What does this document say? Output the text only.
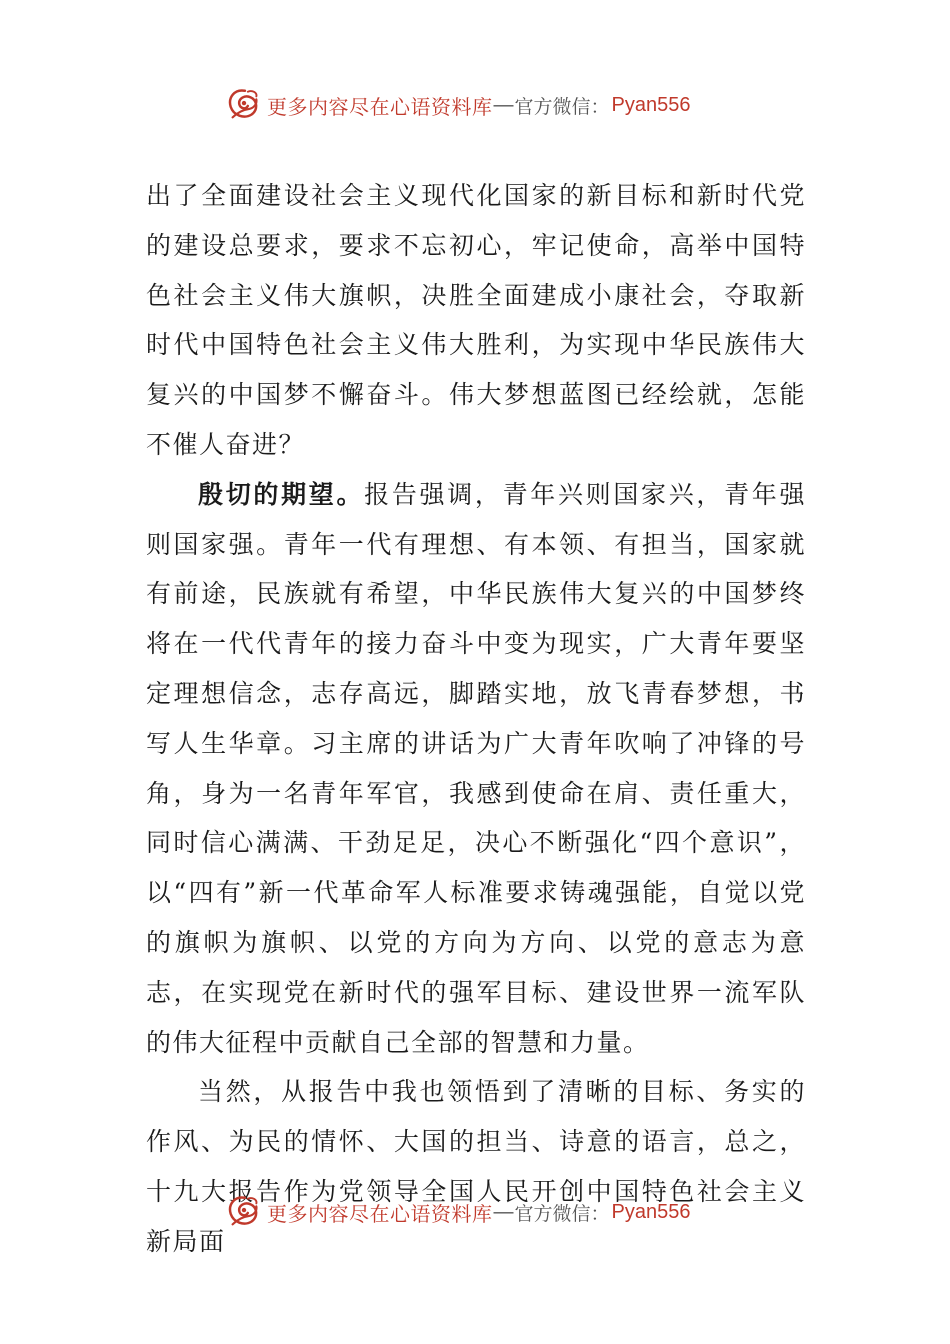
更多内容尽在心语资料库 — 官方微信： Pyan556

出了全面建设社会主义现代化国家的新目标和新时代党的建设总要求，要求不忘初心，牢记使命，高举中国特色社会主义伟大旗帜，决胜全面建成小康社会，夺取新时代中国特色社会主义伟大胜利，为实现中华民族伟大复兴的中国梦不懈奋斗。伟大梦想蓝图已经绘就，怎能不催人奋进？

殷切的期望。报告强调，青年兴则国家兴，青年强则国家强。青年一代有理想、有本领、有担当，国家就有前途，民族就有希望，中华民族伟大复兴的中国梦终将在一代代青年的接力奋斗中变为现实，广大青年要坚定理想信念，志存高远，脚踏实地，放飞青春梦想，书写人生华章。习主席的讲话为广大青年吹响了冲锋的号角，身为一名青年军官，我感到使命在肩、责任重大，同时信心满满、干劲足足，决心不断强化“四个意识”，以“四有”新一代革命军人标准要求铸魂强能，自觉以党的旗帜为旗帜、以党的方向为方向、以党的意志为意志，在实现党在新时代的强军目标、建设世界一流军队的伟大征程中贡献自己全部的智慧和力量。

当然，从报告中我也领悟到了清晰的目标、务实的作风、为民的情怀、大国的担当、诗意的语言，总之，十九大报告作为党领导全国人民开创中国特色社会主义新局面

更多内容尽在心语资料库 — 官方微信： Pyan556
